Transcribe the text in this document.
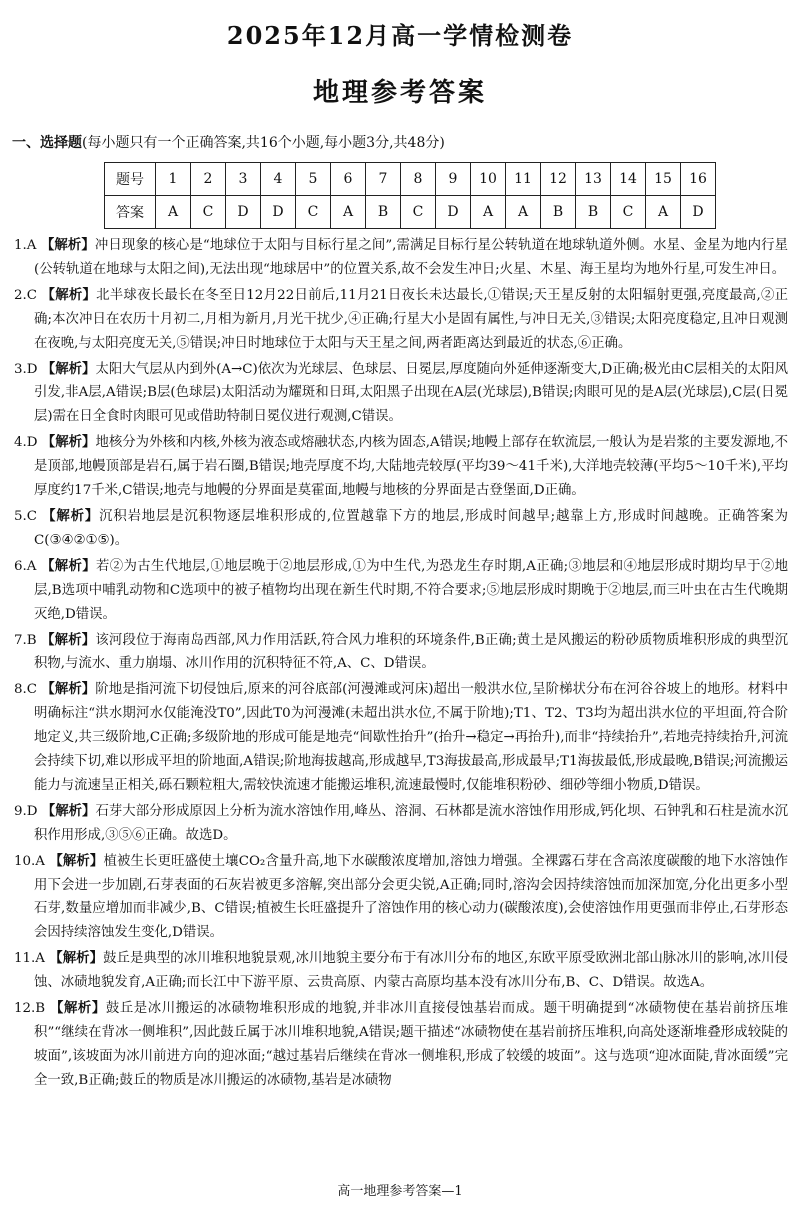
2025年12月高一学情检测卷
地理参考答案
一、选择题(每小题只有一个正确答案,共16个小题,每小题3分,共48分)
题号	1	2	3	4	5	6	7	8	9	10	11	12	13	14	15	16
答案	A	C	D	D	C	A	B	C	D	A	A	B	B	C	A	D
1.A 【解析】冲日现象的核心是“地球位于太阳与目标行星之间”,需满足目标行星公转轨道在地球轨道外侧。水星、金星为地内行星(公转轨道在地球与太阳之间),无法出现“地球居中”的位置关系,故不会发生冲日;火星、木星、海王星均为地外行星,可发生冲日。
2.C 【解析】北半球夜长最长在冬至日12月22日前后,11月21日夜长未达最长,①错误;天王星反射的太阳辐射更强,亮度最高,②正确;本次冲日在农历十月初二,月相为新月,月光干扰少,④正确;行星大小是固有属性,与冲日无关,③错误;太阳亮度稳定,且冲日观测在夜晚,与太阳亮度无关,⑤错误;冲日时地球位于太阳与天王星之间,两者距离达到最近的状态,⑥正确。
3.D 【解析】太阳大气层从内到外(A→C)依次为光球层、色球层、日冕层,厚度随向外延伸逐渐变大,D正确;极光由C层相关的太阳风引发,非A层,A错误;B层(色球层)太阳活动为耀斑和日珥,太阳黑子出现在A层(光球层),B错误;肉眼可见的是A层(光球层),C层(日冕层)需在日全食时肉眼可见或借助特制日冕仪进行观测,C错误。
4.D 【解析】地核分为外核和内核,外核为液态或熔融状态,内核为固态,A错误;地幔上部存在软流层,一般认为是岩浆的主要发源地,不是顶部,地幔顶部是岩石,属于岩石圈,B错误;地壳厚度不均,大陆地壳较厚(平均39～41千米),大洋地壳较薄(平均5～10千米),平均厚度约17千米,C错误;地壳与地幔的分界面是莫霍面,地幔与地核的分界面是古登堡面,D正确。
5.C 【解析】沉积岩地层是沉积物逐层堆积形成的,位置越靠下方的地层,形成时间越早;越靠上方,形成时间越晚。正确答案为C(③④②①⑤)。
6.A 【解析】若②为古生代地层,①地层晚于②地层形成,①为中生代,为恐龙生存时期,A正确;③地层和④地层形成时期均早于②地层,B选项中哺乳动物和C选项中的被子植物均出现在新生代时期,不符合要求;⑤地层形成时期晚于②地层,而三叶虫在古生代晚期灭绝,D错误。
7.B 【解析】该河段位于海南岛西部,风力作用活跃,符合风力堆积的环境条件,B正确;黄土是风搬运的粉砂质物质堆积形成的典型沉积物,与流水、重力崩塌、冰川作用的沉积特征不符,A、C、D错误。
8.C 【解析】阶地是指河流下切侵蚀后,原来的河谷底部(河漫滩或河床)超出一般洪水位,呈阶梯状分布在河谷谷坡上的地形。材料中明确标注“洪水期河水仅能淹没T0”,因此T0为河漫滩(未超出洪水位,不属于阶地);T1、T2、T3均为超出洪水位的平坦面,符合阶地定义,共三级阶地,C正确;多级阶地的形成可能是地壳“间歇性抬升”(抬升→稳定→再抬升),而非“持续抬升”,若地壳持续抬升,河流会持续下切,难以形成平坦的阶地面,A错误;阶地海拔越高,形成越早,T3海拔最高,形成最早;T1海拔最低,形成最晚,B错误;河流搬运能力与流速呈正相关,砾石颗粒粗大,需较快流速才能搬运堆积,流速最慢时,仅能堆积粉砂、细砂等细小物质,D错误。
9.D 【解析】石芽大部分形成原因上分析为流水溶蚀作用,峰丛、溶洞、石林都是流水溶蚀作用形成,钙化坝、石钟乳和石柱是流水沉积作用形成,③⑤⑥正确。故选D。
10.A 【解析】植被生长更旺盛使土壤CO₂含量升高,地下水碳酸浓度增加,溶蚀力增强。全裸露石芽在含高浓度碳酸的地下水溶蚀作用下会进一步加剧,石芽表面的石灰岩被更多溶解,突出部分会更尖锐,A正确;同时,溶沟会因持续溶蚀而加深加宽,分化出更多小型石芽,数量应增加而非减少,B、C错误;植被生长旺盛提升了溶蚀作用的核心动力(碳酸浓度),会使溶蚀作用更强而非停止,石芽形态会因持续溶蚀发生变化,D错误。
11.A 【解析】鼓丘是典型的冰川堆积地貌景观,冰川地貌主要分布于有冰川分布的地区,东欧平原受欧洲北部山脉冰川的影响,冰川侵蚀、冰碛地貌发育,A正确;而长江中下游平原、云贵高原、内蒙古高原均基本没有冰川分布,B、C、D错误。故选A。
12.B 【解析】鼓丘是冰川搬运的冰碛物堆积形成的地貌,并非冰川直接侵蚀基岩而成。题干明确提到“冰碛物使在基岩前挤压堆积”“继续在背冰一侧堆积”,因此鼓丘属于冰川堆积地貌,A错误;题干描述“冰碛物使在基岩前挤压堆积,向高处逐渐堆叠形成较陡的坡面”,该坡面为冰川前进方向的迎冰面;“越过基岩后继续在背冰一侧堆积,形成了较缓的坡面”。这与选项“迎冰面陡,背冰面缓”完全一致,B正确;鼓丘的物质是冰川搬运的冰碛物,基岩是冰碛物
高一地理参考答案—1
